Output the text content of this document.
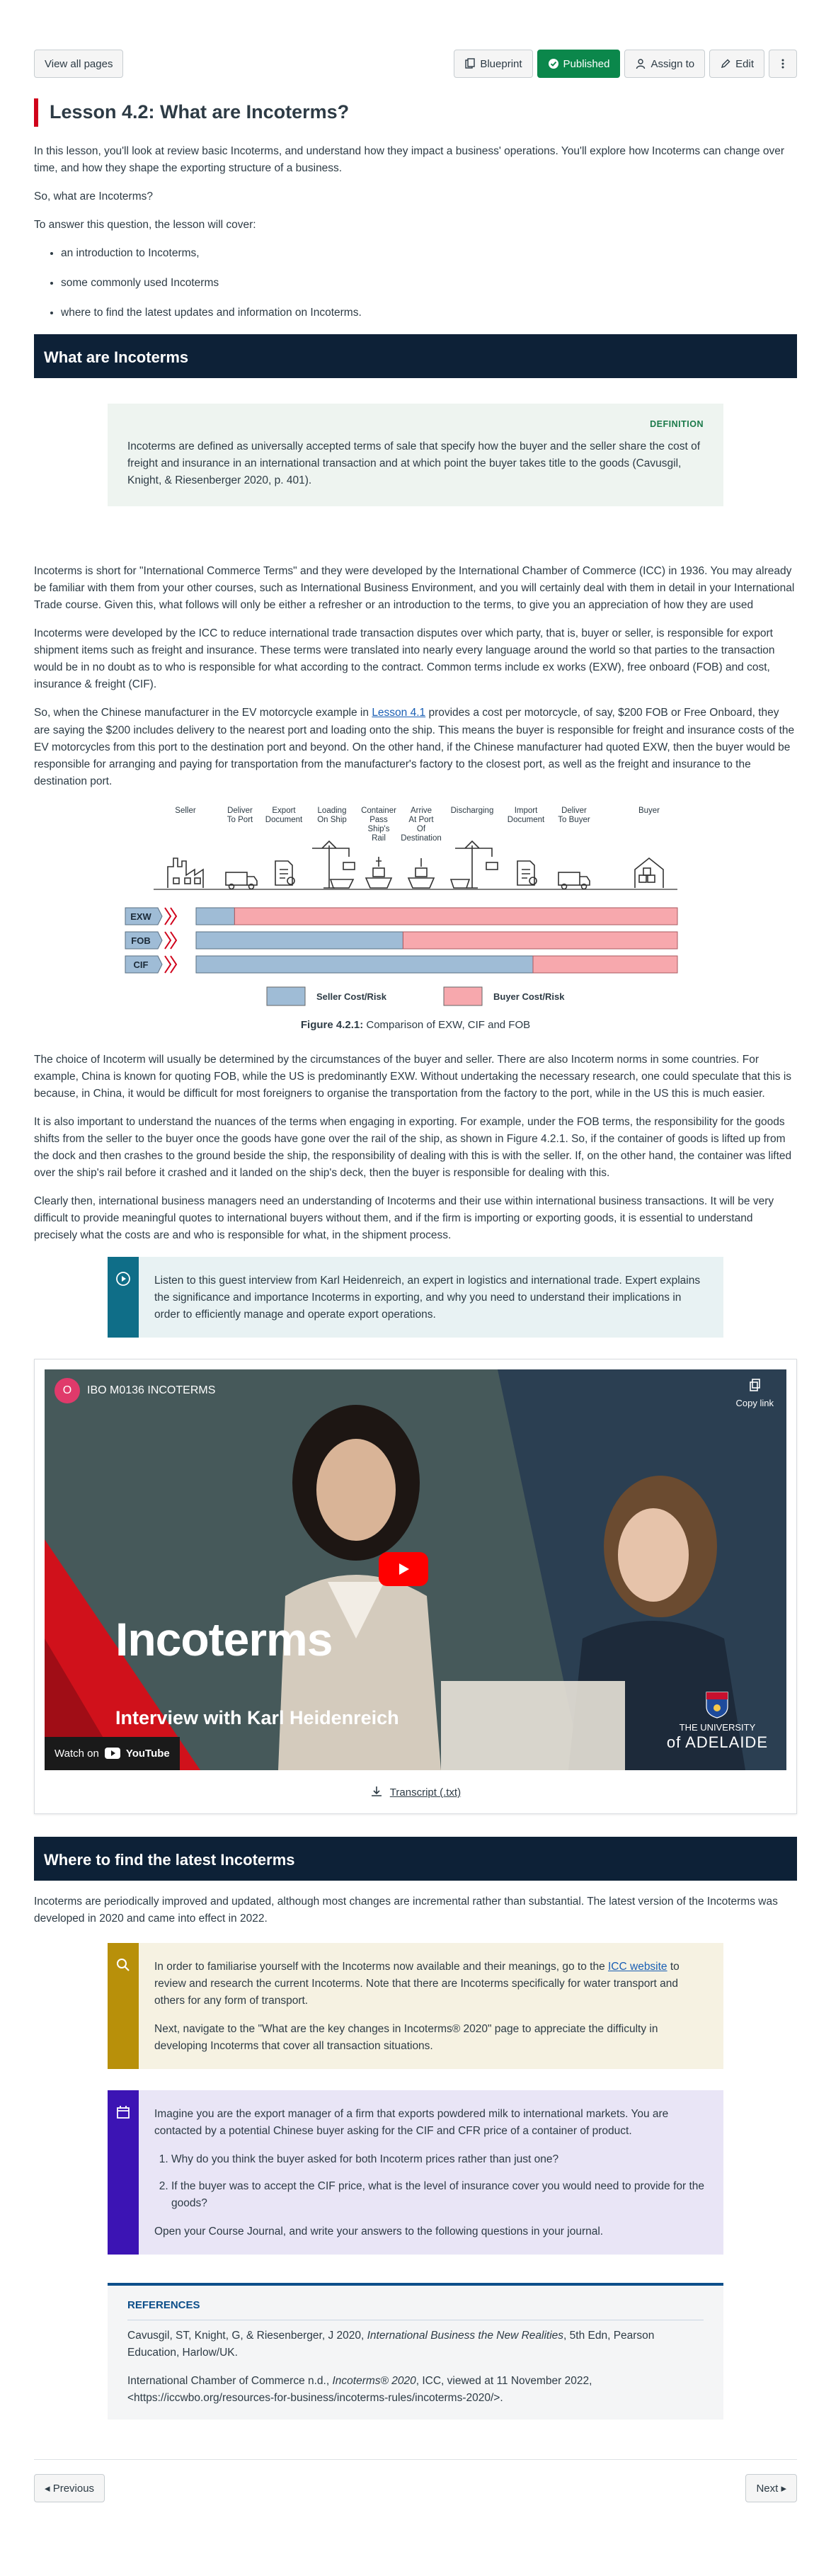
View all pages	Blueprint	Published	Assign to	Edit
Lesson 4.2: What are Incoterms?

In this lesson, you'll look at review basic Incoterms, and understand how they impact a business' operations. You'll explore how Incoterms can change over time, and how they shape the exporting structure of a business.

So, what are Incoterms?

To answer this question, the lesson will cover:

• an introduction to Incoterms,
• some commonly used Incoterms
• where to find the latest updates and information on Incoterms.
What are Incoterms
DEFINITION

Incoterms are defined as universally accepted terms of sale that specify how the buyer and the seller share the cost of freight and insurance in an international transaction and at which point the buyer takes title to the goods (Cavusgil, Knight, & Riesenberger 2020, p. 401).

Incoterms is short for "International Commerce Terms" and they were developed by the International Chamber of Commerce (ICC) in 1936. You may already be familiar with them from your other courses, such as International Business Environment, and you will certainly deal with them in detail in your International Trade course. Given this, what follows will only be either a refresher or an introduction to the terms, to give you an appreciation of how they are used

Incoterms were developed by the ICC to reduce international trade transaction disputes over which party, that is, buyer or seller, is responsible for export shipment items such as freight and insurance. These terms were translated into nearly every language around the world so that parties to the transaction would be in no doubt as to who is responsible for what according to the contract. Common terms include ex works (EXW), free onboard (FOB) and cost, insurance & freight (CIF).

So, when the Chinese manufacturer in the EV motorcycle example in Lesson 4.1 provides a cost per motorcycle, of say, $200 FOB or Free Onboard, they are saying the $200 includes delivery to the nearest port and loading onto the ship. This means the buyer is responsible for freight and insurance costs of the EV motorcycles from this port to the destination port and beyond. On the other hand, if the Chinese manufacturer had quoted EXW, then the buyer would be responsible for arranging and paying for transportation from the manufacturer's factory to the closest port, as well as the freight and insurance to the destination port.

Seller	Deliver To Port
Export Document
Loading On Ship
Container Pass Ship's Rail
Arrive At Port Of Destination
Discharging	Import Document
Deliver To Buyer
Buyer
EXW
FOB
CIF
Seller Cost/Risk	Buyer Cost/Risk
Figure 4.2.1: Comparison of EXW, CIF and FOB

The choice of Incoterm will usually be determined by the circumstances of the buyer and seller. There are also Incoterm norms in some countries. For example, China is known for quoting FOB, while the US is predominantly EXW. Without undertaking the necessary research, one could speculate that this is because, in China, it would be difficult for most foreigners to organise the transportation from the factory to the port, while in the US this is much easier.

It is also important to understand the nuances of the terms when engaging in exporting. For example, under the FOB terms, the responsibility for the goods shifts from the seller to the buyer once the goods have gone over the rail of the ship, as shown in Figure 4.2.1. So, if the container of goods is lifted up from the dock and then crashes to the ground beside the ship, the responsibility of dealing with this is with the seller. If, on the other hand, the container was lifted over the ship's rail before it crashed and it landed on the ship's deck, then the buyer is responsible for dealing with this.

Clearly then, international business managers need an understanding of Incoterms and their use within international business transactions. It will be very difficult to provide meaningful quotes to international buyers without them, and if the firm is importing or exporting goods, it is essential to understand precisely what the costs are and who is responsible for what, in the shipment process.

Listen to this guest interview from Karl Heidenreich, an expert in logistics and international trade. Expert explains the significance and importance Incoterms in exporting, and why you need to understand their implications in order to efficiently manage and operate export operations.

O	IBO M0136 INCOTERMS
Copy link
Incoterms
Interview with Karl Heidenreich
Watch on	YouTube
THE UNIVERSITY
of ADELAIDE
Transcript (.txt)
Where to find the latest Incoterms

Incoterms are periodically improved and updated, although most changes are incremental rather than substantial. The latest version of the Incoterms was developed in 2020 and came into effect in 2022.

In order to familiarise yourself with the Incoterms now available and their meanings, go to the ICC website to review and research the current Incoterms. Note that there are Incoterms specifically for water transport and others for any form of transport.

Next, navigate to the "What are the key changes in Incoterms® 2020" page to appreciate the difficulty in developing Incoterms that cover all transaction situations.

Imagine you are the export manager of a firm that exports powdered milk to international markets. You are contacted by a potential Chinese buyer asking for the CIF and CFR price of a container of product.

1. Why do you think the buyer asked for both Incoterm prices rather than just one?
2. If the buyer was to accept the CIF price, what is the level of insurance cover you would need to provide for the goods?

Open your Course Journal, and write your answers to the following questions in your journal.

REFERENCES

Cavusgil, ST, Knight, G, & Riesenberger, J 2020, International Business the New Realities, 5th Edn, Pearson Education, Harlow/UK.

International Chamber of Commerce n.d., Incoterms® 2020, ICC, viewed at 11 November 2022, <https://iccwbo.org/resources-for-business/incoterms-rules/incoterms-2020/>.

◂ Previous	Next ▸
